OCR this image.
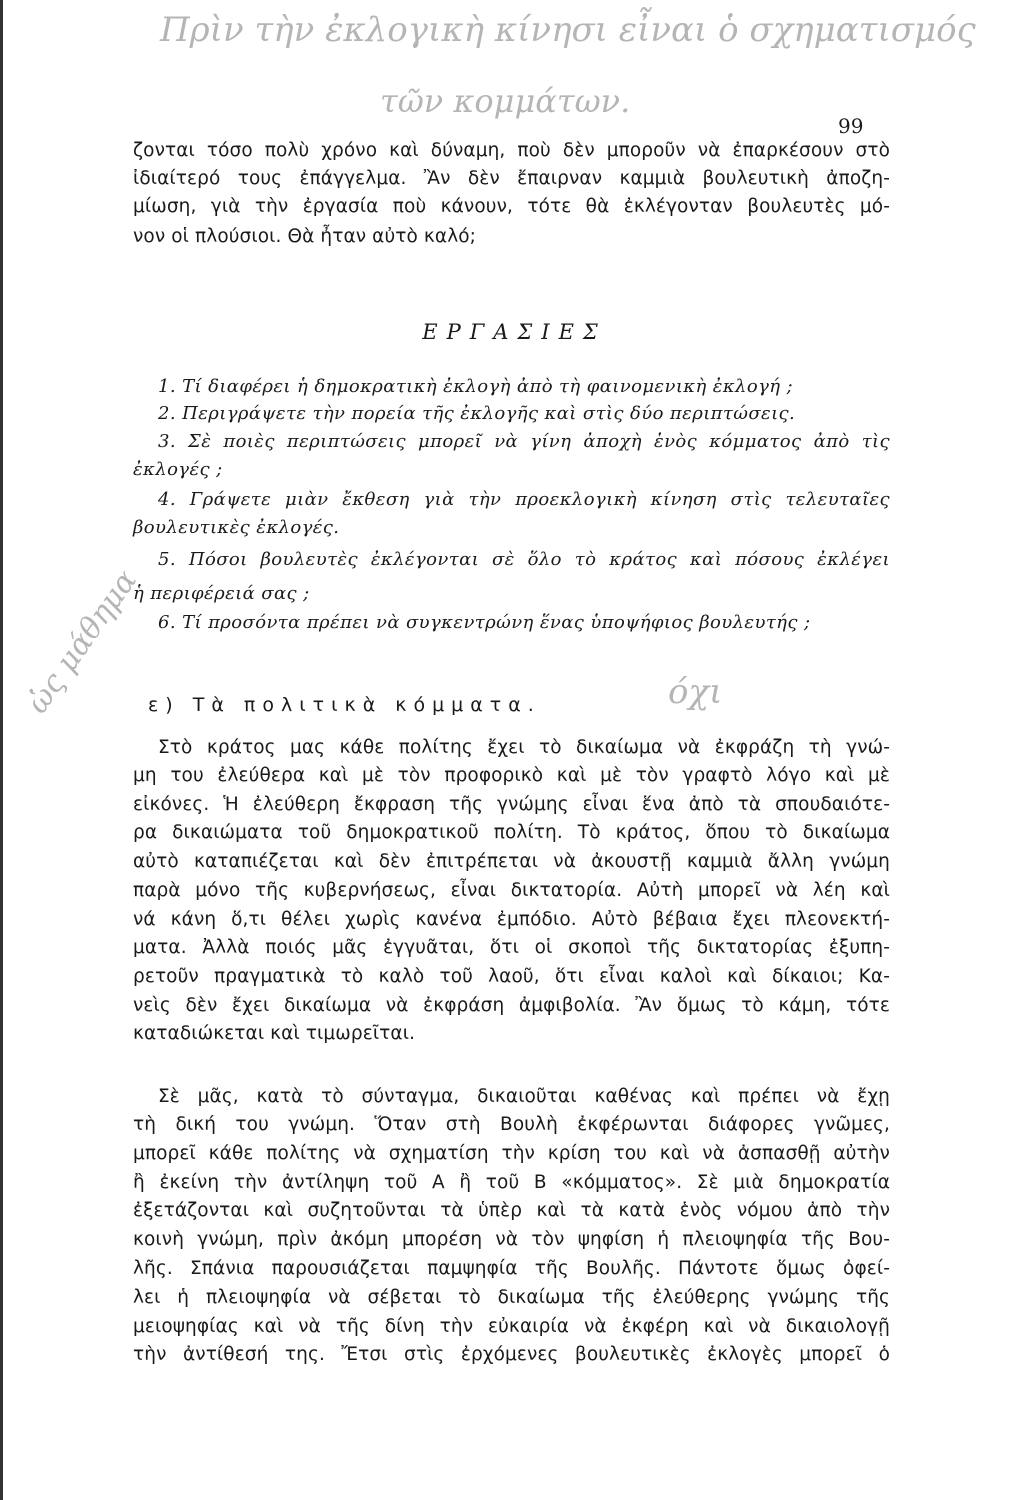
Πρὶν τὴν ἐκλογικὴ κίνησι εἶναι ὁ σχηματισμός
τῶν κομμάτων.
ὡς μάθημα	όχι
99
ζονται τόσο πολὺ χρόνο καὶ δύναμη, ποὺ δὲν μποροῦν νὰ ἐπαρκέσουν στὸ
ἰδιαίτερό τους ἐπάγγελμα. Ἂν δὲν ἔπαιρναν καμμιὰ βουλευτικὴ ἀποζη-
μίωση, γιὰ τὴν ἐργασία ποὺ κάνουν, τότε θὰ ἐκλέγονταν βουλευτὲς μό-
νον οἱ πλούσιοι. Θὰ ἦταν αὐτὸ καλό;
ΕΡΓΑΣΙΕΣ
1. Τί διαφέρει ἡ δημοκρατικὴ ἐκλογὴ ἀπὸ τὴ φαινομενικὴ ἐκλογή ;
2. Περιγράψετε τὴν πορεία τῆς ἐκλογῆς καὶ στὶς δύο περιπτώσεις.
3. Σὲ ποιὲς περιπτώσεις μπορεῖ νὰ γίνη ἀποχὴ ἑνὸς κόμματος ἀπὸ τὶς
ἐκλογές ;
4. Γράψετε μιὰν ἔκθεση γιὰ τὴν προεκλογικὴ κίνηση στὶς τελευταῖες
βουλευτικὲς ἐκλογές.
5. Πόσοι βουλευτὲς ἐκλέγονται σὲ ὅλο τὸ κράτος καὶ πόσους ἐκλέγει
ἡ περιφέρειά σας ;
6. Τί προσόντα πρέπει νὰ συγκεντρώνη ἕνας ὑποψήφιος βουλευτής ;
ε) Τὰ πολιτικὰ κόμματα.
Στὸ κράτος μας κάθε πολίτης ἔχει τὸ δικαίωμα νὰ ἐκφράζη τὴ γνώ-
μη του ἐλεύθερα καὶ μὲ τὸν προφορικὸ καὶ μὲ τὸν γραφτὸ λόγο καὶ μὲ
εἰκόνες. Ἡ ἐλεύθερη ἔκφραση τῆς γνώμης εἶναι ἕνα ἀπὸ τὰ σπουδαιότε-
ρα δικαιώματα τοῦ δημοκρατικοῦ πολίτη. Τὸ κράτος, ὅπου τὸ δικαίωμα
αὐτὸ καταπιέζεται καὶ δὲν ἐπιτρέπεται νὰ ἀκουστῇ καμμιὰ ἄλλη γνώμη
παρὰ μόνο τῆς κυβερνήσεως, εἶναι δικτατορία. Αὐτὴ μπορεῖ νὰ λέη καὶ
νά κάνη ὅ,τι θέλει χωρὶς κανένα ἐμπόδιο. Αὐτὸ βέβαια ἔχει πλεονεκτή-
ματα. Ἀλλὰ ποιός μᾶς ἐγγυᾶται, ὅτι οἱ σκοποὶ τῆς δικτατορίας ἐξυπη-
ρετοῦν πραγματικὰ τὸ καλὸ τοῦ λαοῦ, ὅτι εἶναι καλοὶ καὶ δίκαιοι; Κα-
νεὶς δὲν ἔχει δικαίωμα νὰ ἐκφράση ἀμφιβολία. Ἂν ὅμως τὸ κάμη, τότε
καταδιώκεται καὶ τιμωρεῖται.
Σὲ μᾶς, κατὰ τὸ σύνταγμα, δικαιοῦται καθένας καὶ πρέπει νὰ ἔχῃ
τὴ δική του γνώμη. Ὅταν στὴ Βουλὴ ἐκφέρωνται διάφορες γνῶμες,
μπορεῖ κάθε πολίτης νὰ σχηματίση τὴν κρίση του καὶ νὰ ἀσπασθῇ αὐτὴν
ἢ ἐκείνη τὴν ἀντίληψη τοῦ Α ἢ τοῦ Β «κόμματος». Σὲ μιὰ δημοκρατία
ἐξετάζονται καὶ συζητοῦνται τὰ ὑπὲρ καὶ τὰ κατὰ ἑνὸς νόμου ἀπὸ τὴν
κοινὴ γνώμη, πρὶν ἀκόμη μπορέση νὰ τὸν ψηφίση ἡ πλειοψηφία τῆς Βου-
λῆς. Σπάνια παρουσιάζεται παμψηφία τῆς Βουλῆς. Πάντοτε ὅμως ὀφεί-
λει ἡ πλειοψηφία νὰ σέβεται τὸ δικαίωμα τῆς ἐλεύθερης γνώμης τῆς
μειοψηφίας καὶ νὰ τῆς δίνη τὴν εὐκαιρία νὰ ἐκφέρη καὶ νὰ δικαιολογῇ
τὴν ἀντίθεσή της. Ἔτσι στὶς ἐρχόμενες βουλευτικὲς ἐκλογὲς μπορεῖ ὁ
